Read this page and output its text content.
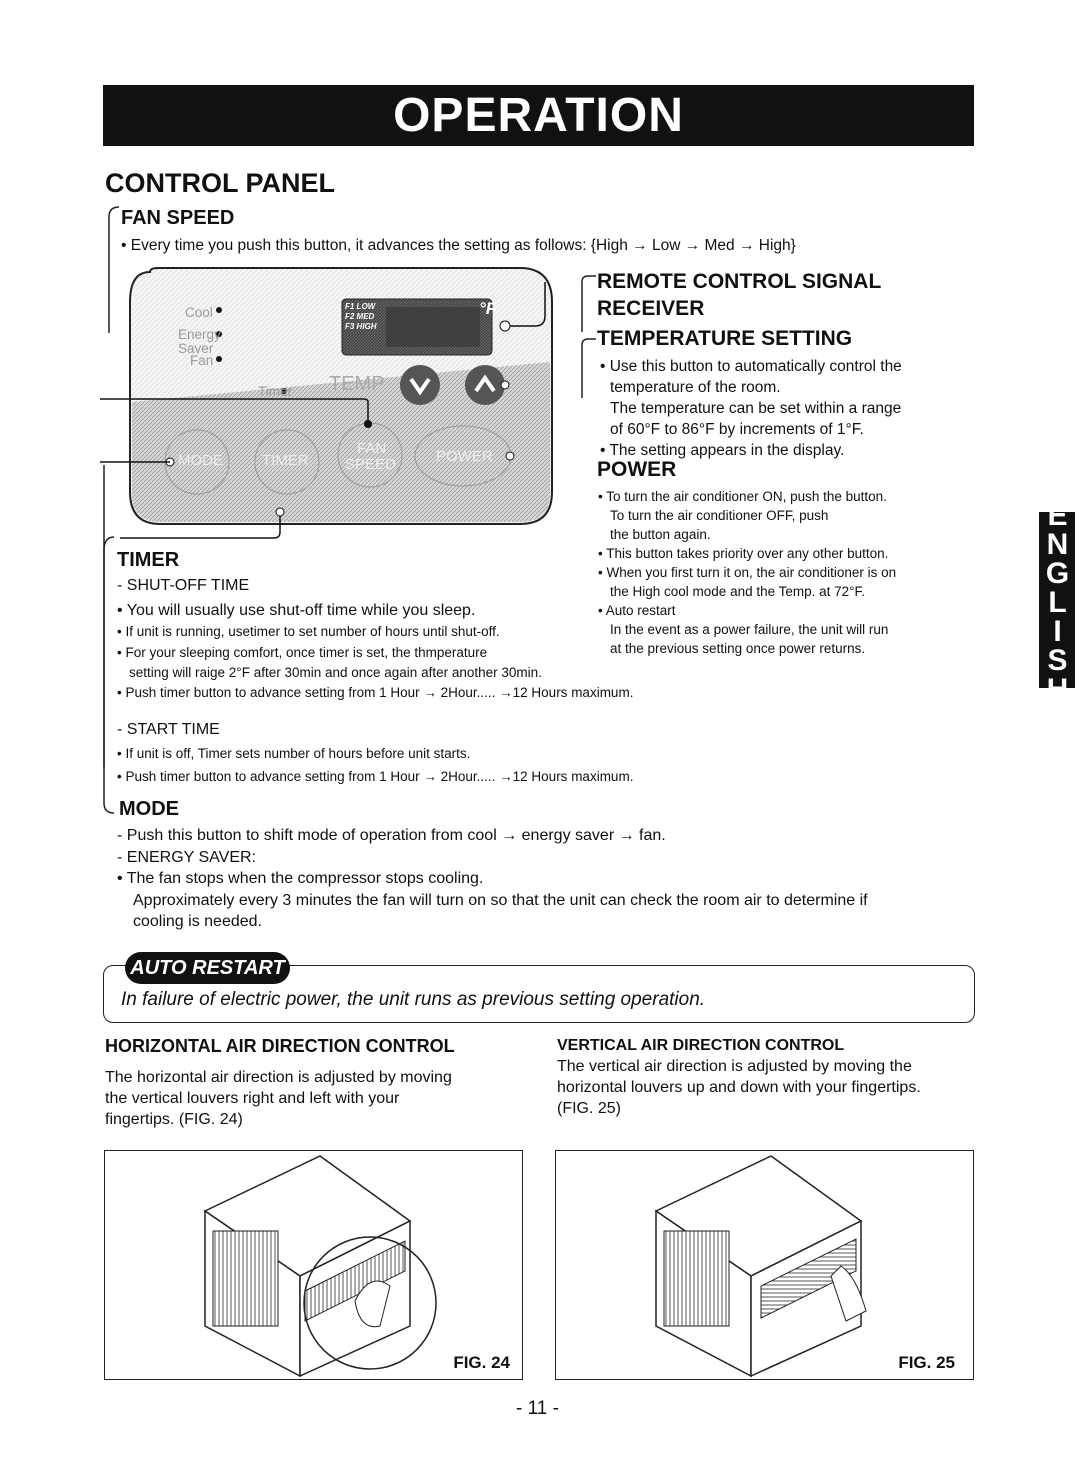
OPERATION
CONTROL PANEL
FAN SPEED
• Every time you push this button, it advances the setting as follows: {High → Low → Med → High}
Cool
Energy
Saver
Fan
Timer TEMP
F1 LOW
F2 MED
F3 HIGH
°F
MODE	TIMER
FAN
SPEED	POWER
REMOTE CONTROL SIGNAL
RECEIVER
TEMPERATURE SETTING
• Use this button to automatically control the
temperature of the room.
The temperature can be set within a range
of 60°F to 86°F by increments of 1°F.
• The setting appears in the display.
POWER
• To turn the air conditioner ON, push the button.
To turn the air conditioner OFF, push
the button again.
• This button takes priority over any other button.
• When you first turn it on, the air conditioner is on
the High cool mode and the Temp. at 72°F.
• Auto restart
In the event as a power failure, the unit will run
at the previous setting once power returns.
TIMER
- SHUT-OFF TIME
• You will usually use shut-off time while you sleep.
• If unit is running, usetimer to set number of hours until shut-off.
• For your sleeping comfort, once timer is set, the thmperature
setting will raige 2°F after 30min and once again after another 30min.
• Push timer button to advance setting from 1 Hour → 2Hour..... →12 Hours maximum.
- START TIME
• If unit is off, Timer sets number of hours before unit starts.
• Push timer button to advance setting from 1 Hour → 2Hour..... →12 Hours maximum.
MODE
- Push this button to shift mode of operation from cool → energy saver → fan.
- ENERGY SAVER:
• The fan stops when the compressor stops cooling.
Approximately every 3 minutes the fan will turn on so that the unit can check the room air to determine if
cooling is needed.
AUTO RESTART
In failure of electric power, the unit runs as previous setting operation.
HORIZONTAL AIR DIRECTION CONTROL
The horizontal air direction is adjusted by moving
the vertical louvers right and left with your
fingertips. (FIG. 24)
VERTICAL AIR DIRECTION CONTROL
The vertical air direction is adjusted by moving the
horizontal louvers up and down with your fingertips.
(FIG. 25)
FIG. 24	FIG. 25
ENGLISH
- 11 -
